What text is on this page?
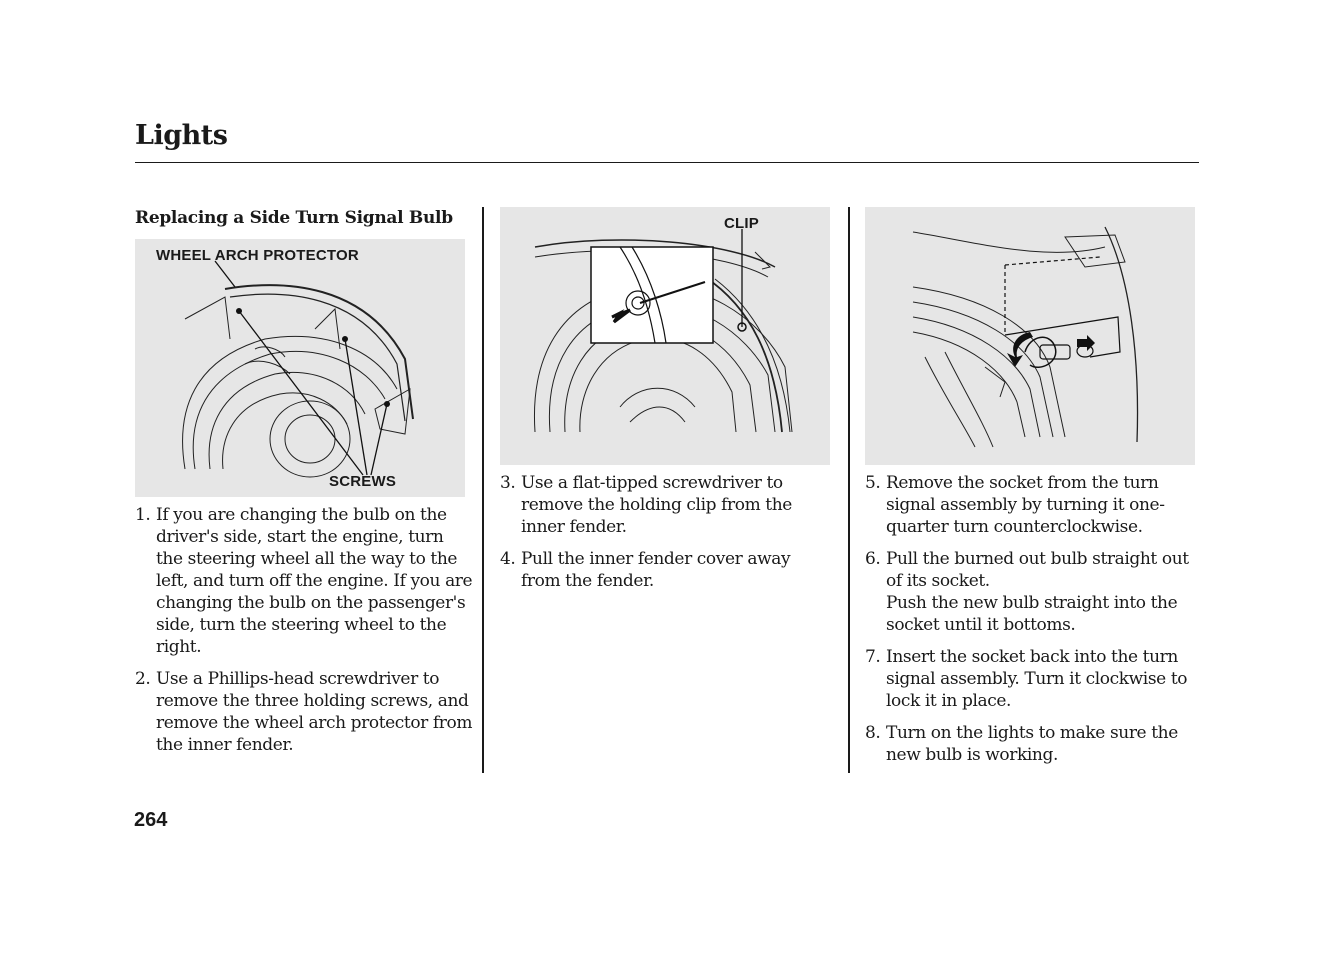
Lights
Replacing a Side Turn Signal Bulb
WHEEL ARCH PROTECTOR
SCREWS
CLIP
1. If you are changing the bulb on the driver's side, start the engine, turn the steering wheel all the way to the left, and turn off the engine. If you are changing the bulb on the passenger's side, turn the steering wheel to the right.
2. Use a Phillips-head screwdriver to remove the three holding screws, and remove the wheel arch protector from the inner fender.
3. Use a flat-tipped screwdriver to remove the holding clip from the inner fender.
4. Pull the inner fender cover away from the fender.
5. Remove the socket from the turn signal assembly by turning it one-quarter turn counterclockwise.
6. Pull the burned out bulb straight out of its socket.
Push the new bulb straight into the socket until it bottoms.
7. Insert the socket back into the turn signal assembly. Turn it clockwise to lock it in place.
8. Turn on the lights to make sure the new bulb is working.
264
